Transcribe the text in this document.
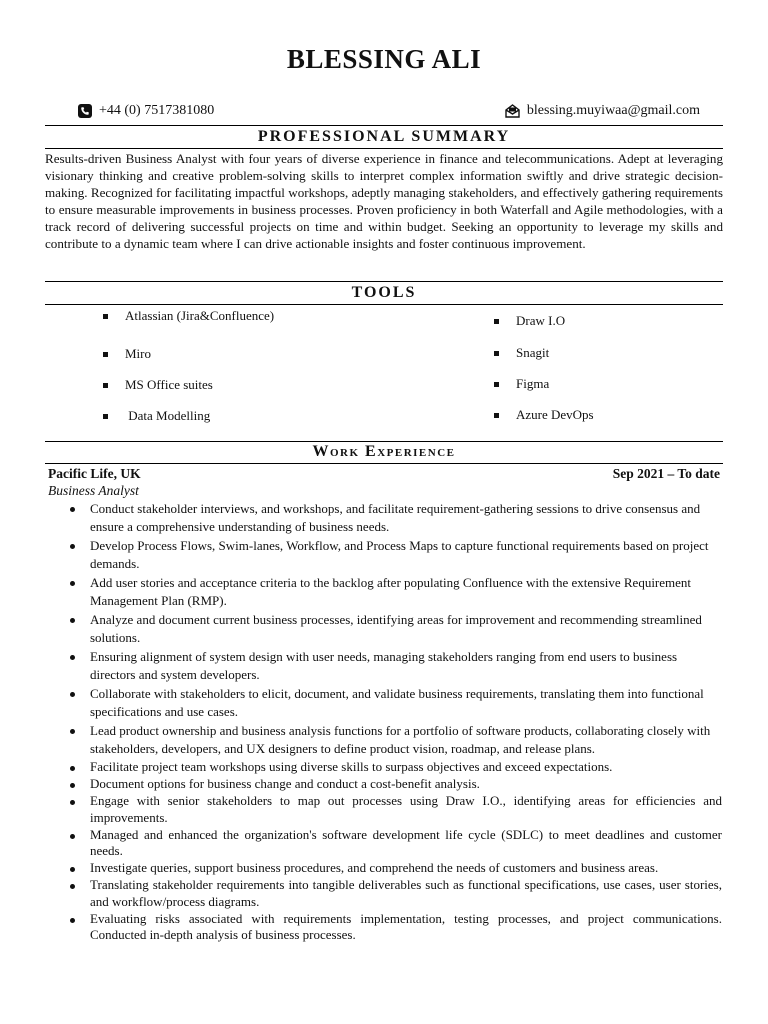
BLESSING ALI
+44 (0) 7517381080	blessing.muyiwaa@gmail.com
PROFESSIONAL SUMMARY

Results-driven Business Analyst with four years of diverse experience in finance and telecommunications. Adept at leveraging visionary thinking and creative problem-solving skills to interpret complex information swiftly and drive strategic decision-making. Recognized for facilitating impactful workshops, adeptly managing stakeholders, and effectively gathering requirements to ensure measurable improvements in business processes. Proven proficiency in both Waterfall and Agile methodologies, with a track record of delivering successful projects on time and within budget. Seeking an opportunity to leverage my skills and contribute to a dynamic team where I can drive actionable insights and foster continuous improvement.

TOOLS
Atlassian (Jira&Confluence)
Miro
MS Office suites
Data Modelling
Draw I.O
Snagit
Figma
Azure DevOps
Work Experience
Pacific Life, UK	Sep 2021 – To date
Business Analyst
Conduct stakeholder interviews, and workshops, and facilitate requirement-gathering sessions to drive consensus and ensure a comprehensive understanding of business needs.
Develop Process Flows, Swim-lanes, Workflow, and Process Maps to capture functional requirements based on project demands.
Add user stories and acceptance criteria to the backlog after populating Confluence with the extensive Requirement Management Plan (RMP).
Analyze and document current business processes, identifying areas for improvement and recommending streamlined solutions.
Ensuring alignment of system design with user needs, managing stakeholders ranging from end users to business directors and system developers.
Collaborate with stakeholders to elicit, document, and validate business requirements, translating them into functional specifications and use cases.
Lead product ownership and business analysis functions for a portfolio of software products, collaborating closely with stakeholders, developers, and UX designers to define product vision, roadmap, and release plans.
Facilitate project team workshops using diverse skills to surpass objectives and exceed expectations.
Document options for business change and conduct a cost-benefit analysis.
Engage with senior stakeholders to map out processes using Draw I.O., identifying areas for efficiencies and improvements.
Managed and enhanced the organization's software development life cycle (SDLC) to meet deadlines and customer needs.
Investigate queries, support business procedures, and comprehend the needs of customers and business areas.
Translating stakeholder requirements into tangible deliverables such as functional specifications, use cases, user stories, and workflow/process diagrams.
Evaluating risks associated with requirements implementation, testing processes, and project communications. Conducted in-depth analysis of business processes.
